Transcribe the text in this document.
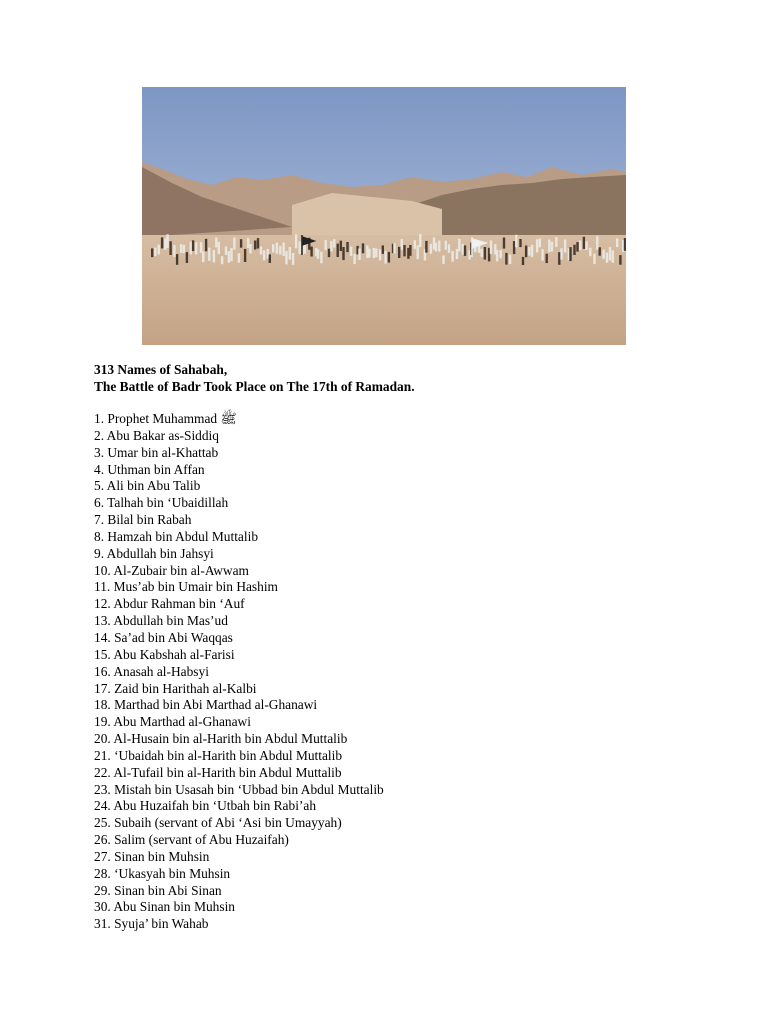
313 Names of Sahabah,
The Battle of Badr Took Place on The 17th of Ramadan.
1. Prophet Muhammad ﷺ
2. Abu Bakar as-Siddiq
3. Umar bin al-Khattab
4. Uthman bin Affan
5. Ali bin Abu Talib
6. Talhah bin ‘Ubaidillah
7. Bilal bin Rabah
8. Hamzah bin Abdul Muttalib
9. Abdullah bin Jahsyi
10. Al-Zubair bin al-Awwam
11. Mus’ab bin Umair bin Hashim
12. Abdur Rahman bin ‘Auf
13. Abdullah bin Mas’ud
14. Sa’ad bin Abi Waqqas
15. Abu Kabshah al-Farisi
16. Anasah al-Habsyi
17. Zaid bin Harithah al-Kalbi
18. Marthad bin Abi Marthad al-Ghanawi
19. Abu Marthad al-Ghanawi
20. Al-Husain bin al-Harith bin Abdul Muttalib
21. ‘Ubaidah bin al-Harith bin Abdul Muttalib
22. Al-Tufail bin al-Harith bin Abdul Muttalib
23. Mistah bin Usasah bin ‘Ubbad bin Abdul Muttalib
24. Abu Huzaifah bin ‘Utbah bin Rabi’ah
25. Subaih (servant of Abi ‘Asi bin Umayyah)
26. Salim (servant of Abu Huzaifah)
27. Sinan bin Muhsin
28. ‘Ukasyah bin Muhsin
29. Sinan bin Abi Sinan
30. Abu Sinan bin Muhsin
31. Syuja’ bin Wahab
